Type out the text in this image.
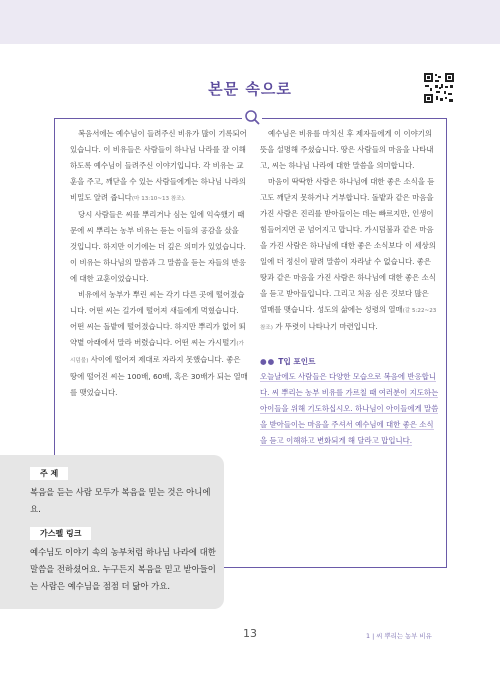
본문 속으로

복음서에는 예수님이 들려주신 비유가 많이 기록되어 있습니다. 이 비유들은 사람들이 하나님 나라를 잘 이해하도록 예수님이 들려주신 이야기입니다. 각 비유는 교훈을 주고, 깨닫을 수 있는 사람들에게는 하나님 나라의 비밀도 알려 줍니다(마 13:10~13 참조).

당시 사람들은 씨를 뿌리거나 심는 일에 익숙했기 때문에 씨 뿌리는 농부 비유는 듣는 이들의 공감을 샀을 것입니다. 하지만 이기에는 더 깊은 의미가 있었습니다. 이 비유는 하나님의 말씀과 그 말씀을 듣는 자들의 반응에 대한 교훈이었습니다.

비유에서 농부가 뿌린 씨는 각기 다른 곳에 떨어졌습니다. 어떤 씨는 길가에 떨어져 새들에게 먹혔습니다. 어떤 씨는 돌밭에 떨어졌습니다. 하지만 뿌리가 없어 뙤약볕 아래에서 말라 버렸습니다. 어떤 씨는 가시떨기(가시덤불) 사이에 떨어져 제대로 자라지 못했습니다. 좋은 땅에 떨어진 씨는 100배, 60배, 혹은 30배가 되는 열매를 맺었습니다.

예수님은 비유를 마치신 후 제자들에게 이 이야기의 뜻을 설명해 주셨습니다. 땅은 사람들의 마음을 나타내고, 씨는 하나님 나라에 대한 말씀을 의미합니다.

마음이 딱딱한 사람은 하나님에 대한 좋은 소식을 듣고도 깨닫지 못하거나 거부합니다. 돌밭과 같은 마음을 가진 사람은 진리를 받아들이는 데는 빠르지만, 인생이 힘들어지면 곧 넘어지고 맙니다. 가시덤불과 같은 마음을 가진 사람은 하나님에 대한 좋은 소식보다 이 세상의 일에 더 정신이 팔려 말씀이 자라날 수 없습니다. 좋은 땅과 같은 마음을 가진 사람은 하나님에 대한 좋은 소식을 듣고 받아들입니다. 그리고 처음 심은 것보다 많은 열매를 맺습니다. 성도의 삶에는 성령의 열매(갈 5:22~23 참조) 가 뚜렷이 나타나기 마련입니다.

●● T입 포인트
오늘날에도 사람들은 다양한 모습으로 복음에 반응합니다. 씨 뿌리는 농부 비유를 가르칠 때 여러분이 지도하는 아이들을 위해 기도하십시오. 하나님이 아이들에게 말씀을 받아들이는 마음을 주셔서 예수님에 대한 좋은 소식을 듣고 이해하고 변화되게 해 달라고 맙입니다.
주 제
복음을 듣는 사람 모두가 복음을 믿는 것은 아니에요.
가스펠 링크
예수님도 이야기 속의 농부처럼 하나님 나라에 대한 말씀을 전하셨어요. 누구든지 복음을 믿고 받아들이는 사람은 예수님을 점점 더 닮아 가요.
13	1 | 씨 뿌리는 농부 비유
